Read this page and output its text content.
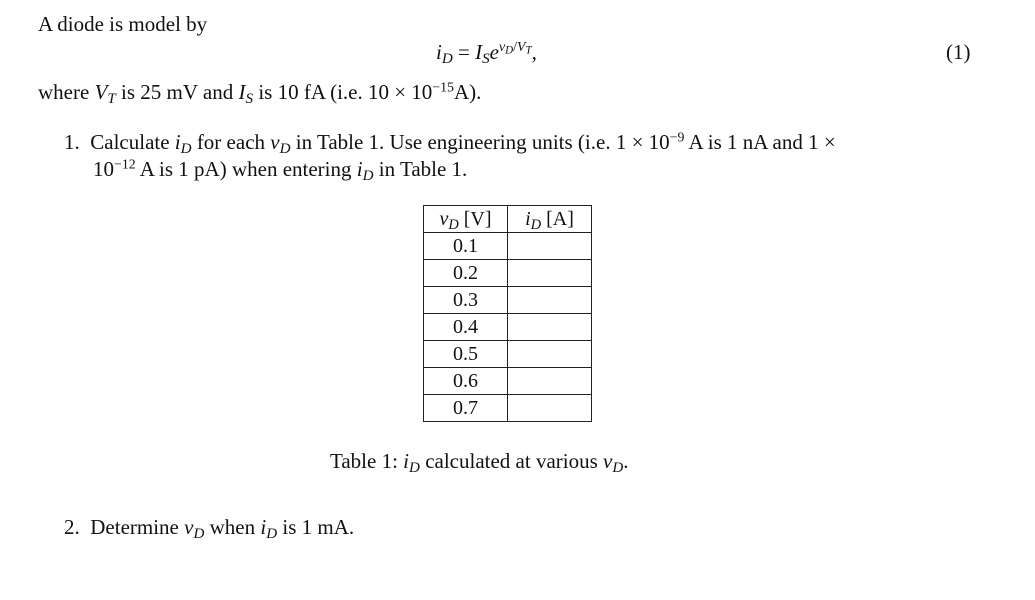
A diode is model by
$i_D = I_Se^{vD/VT}$,	(1)
where $V_T$ is 25 mV and $I_S$ is 10 fA (i.e. $10 \times 10^{-15}A$).
1. Calculate $i_D$ for each $v_D$ in Table 1. Use engineering units (i.e. $1 \times 10^{-9}$ A is 1 nA and 1 ×
$10^{-12}$ A is 1 pA) when entering $i_D$ in Table 1.
$v_D$ [V]	$i_D$ [A]
0.1	
0.2	
0.3	
0.4	
0.5	
0.6	
0.7	
Table 1: $i_D$ calculated at various $v_D$.
2. Determine $v_D$ when $i_D$ is 1 mA.
